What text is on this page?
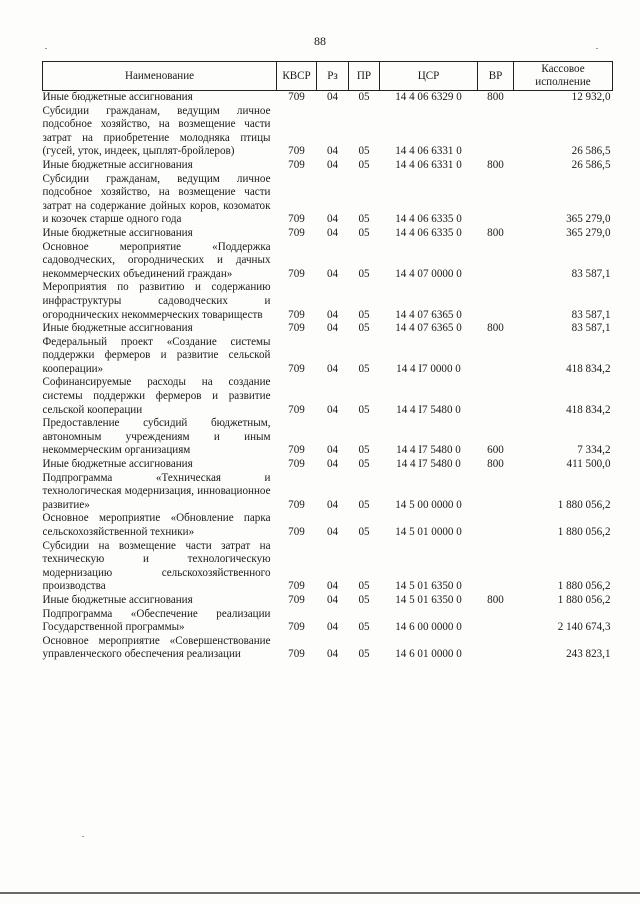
88
Наименование	КВСР	Рз	ПР	ЦСР	ВР	Кассовое исполнение
Иные бюджетные ассигнования	709	04	05	14 4 06 6329 0	800	12 932,0
Субсидии гражданам, ведущим личное подсобное хозяйство, на возмещение части затрат на приобретение молодняка птицы (гусей, уток, индеек, цыплят-бройлеров)	709	04	05	14 4 06 6331 0		26 586,5
Иные бюджетные ассигнования	709	04	05	14 4 06 6331 0	800	26 586,5
Субсидии гражданам, ведущим личное подсобное хозяйство, на возмещение части затрат на содержание дойных коров, козоматок и козочек старше одного года	709	04	05	14 4 06 6335 0		365 279,0
Иные бюджетные ассигнования	709	04	05	14 4 06 6335 0	800	365 279,0
Основное мероприятие «Поддержка садоводческих, огороднических и дачных некоммерческих объединений граждан»	709	04	05	14 4 07 0000 0		83 587,1
Мероприятия по развитию и содержанию инфраструктуры садоводческих и огороднических некоммерческих товариществ	709	04	05	14 4 07 6365 0		83 587,1
Иные бюджетные ассигнования	709	04	05	14 4 07 6365 0	800	83 587,1
Федеральный проект «Создание системы поддержки фермеров и развитие сельской кооперации»	709	04	05	14 4 I7 0000 0		418 834,2
Софинансируемые расходы на создание системы поддержки фермеров и развитие сельской кооперации	709	04	05	14 4 I7 5480 0		418 834,2
Предоставление субсидий бюджетным, автономным учреждениям и иным некоммерческим организациям	709	04	05	14 4 I7 5480 0	600	7 334,2
Иные бюджетные ассигнования	709	04	05	14 4 I7 5480 0	800	411 500,0
Подпрограмма «Техническая и технологическая модернизация, инновационное развитие»	709	04	05	14 5 00 0000 0		1 880 056,2
Основное мероприятие «Обновление парка сельскохозяйственной техники»	709	04	05	14 5 01 0000 0		1 880 056,2
Субсидии на возмещение части затрат на техническую и технологическую модернизацию сельскохозяйственного производства	709	04	05	14 5 01 6350 0		1 880 056,2
Иные бюджетные ассигнования	709	04	05	14 5 01 6350 0	800	1 880 056,2
Подпрограмма «Обеспечение реализации Государственной программы»	709	04	05	14 6 00 0000 0		2 140 674,3
Основное мероприятие «Совершенствование управленческого обеспечения реализации	709	04	05	14 6 01 0000 0		243 823,1
